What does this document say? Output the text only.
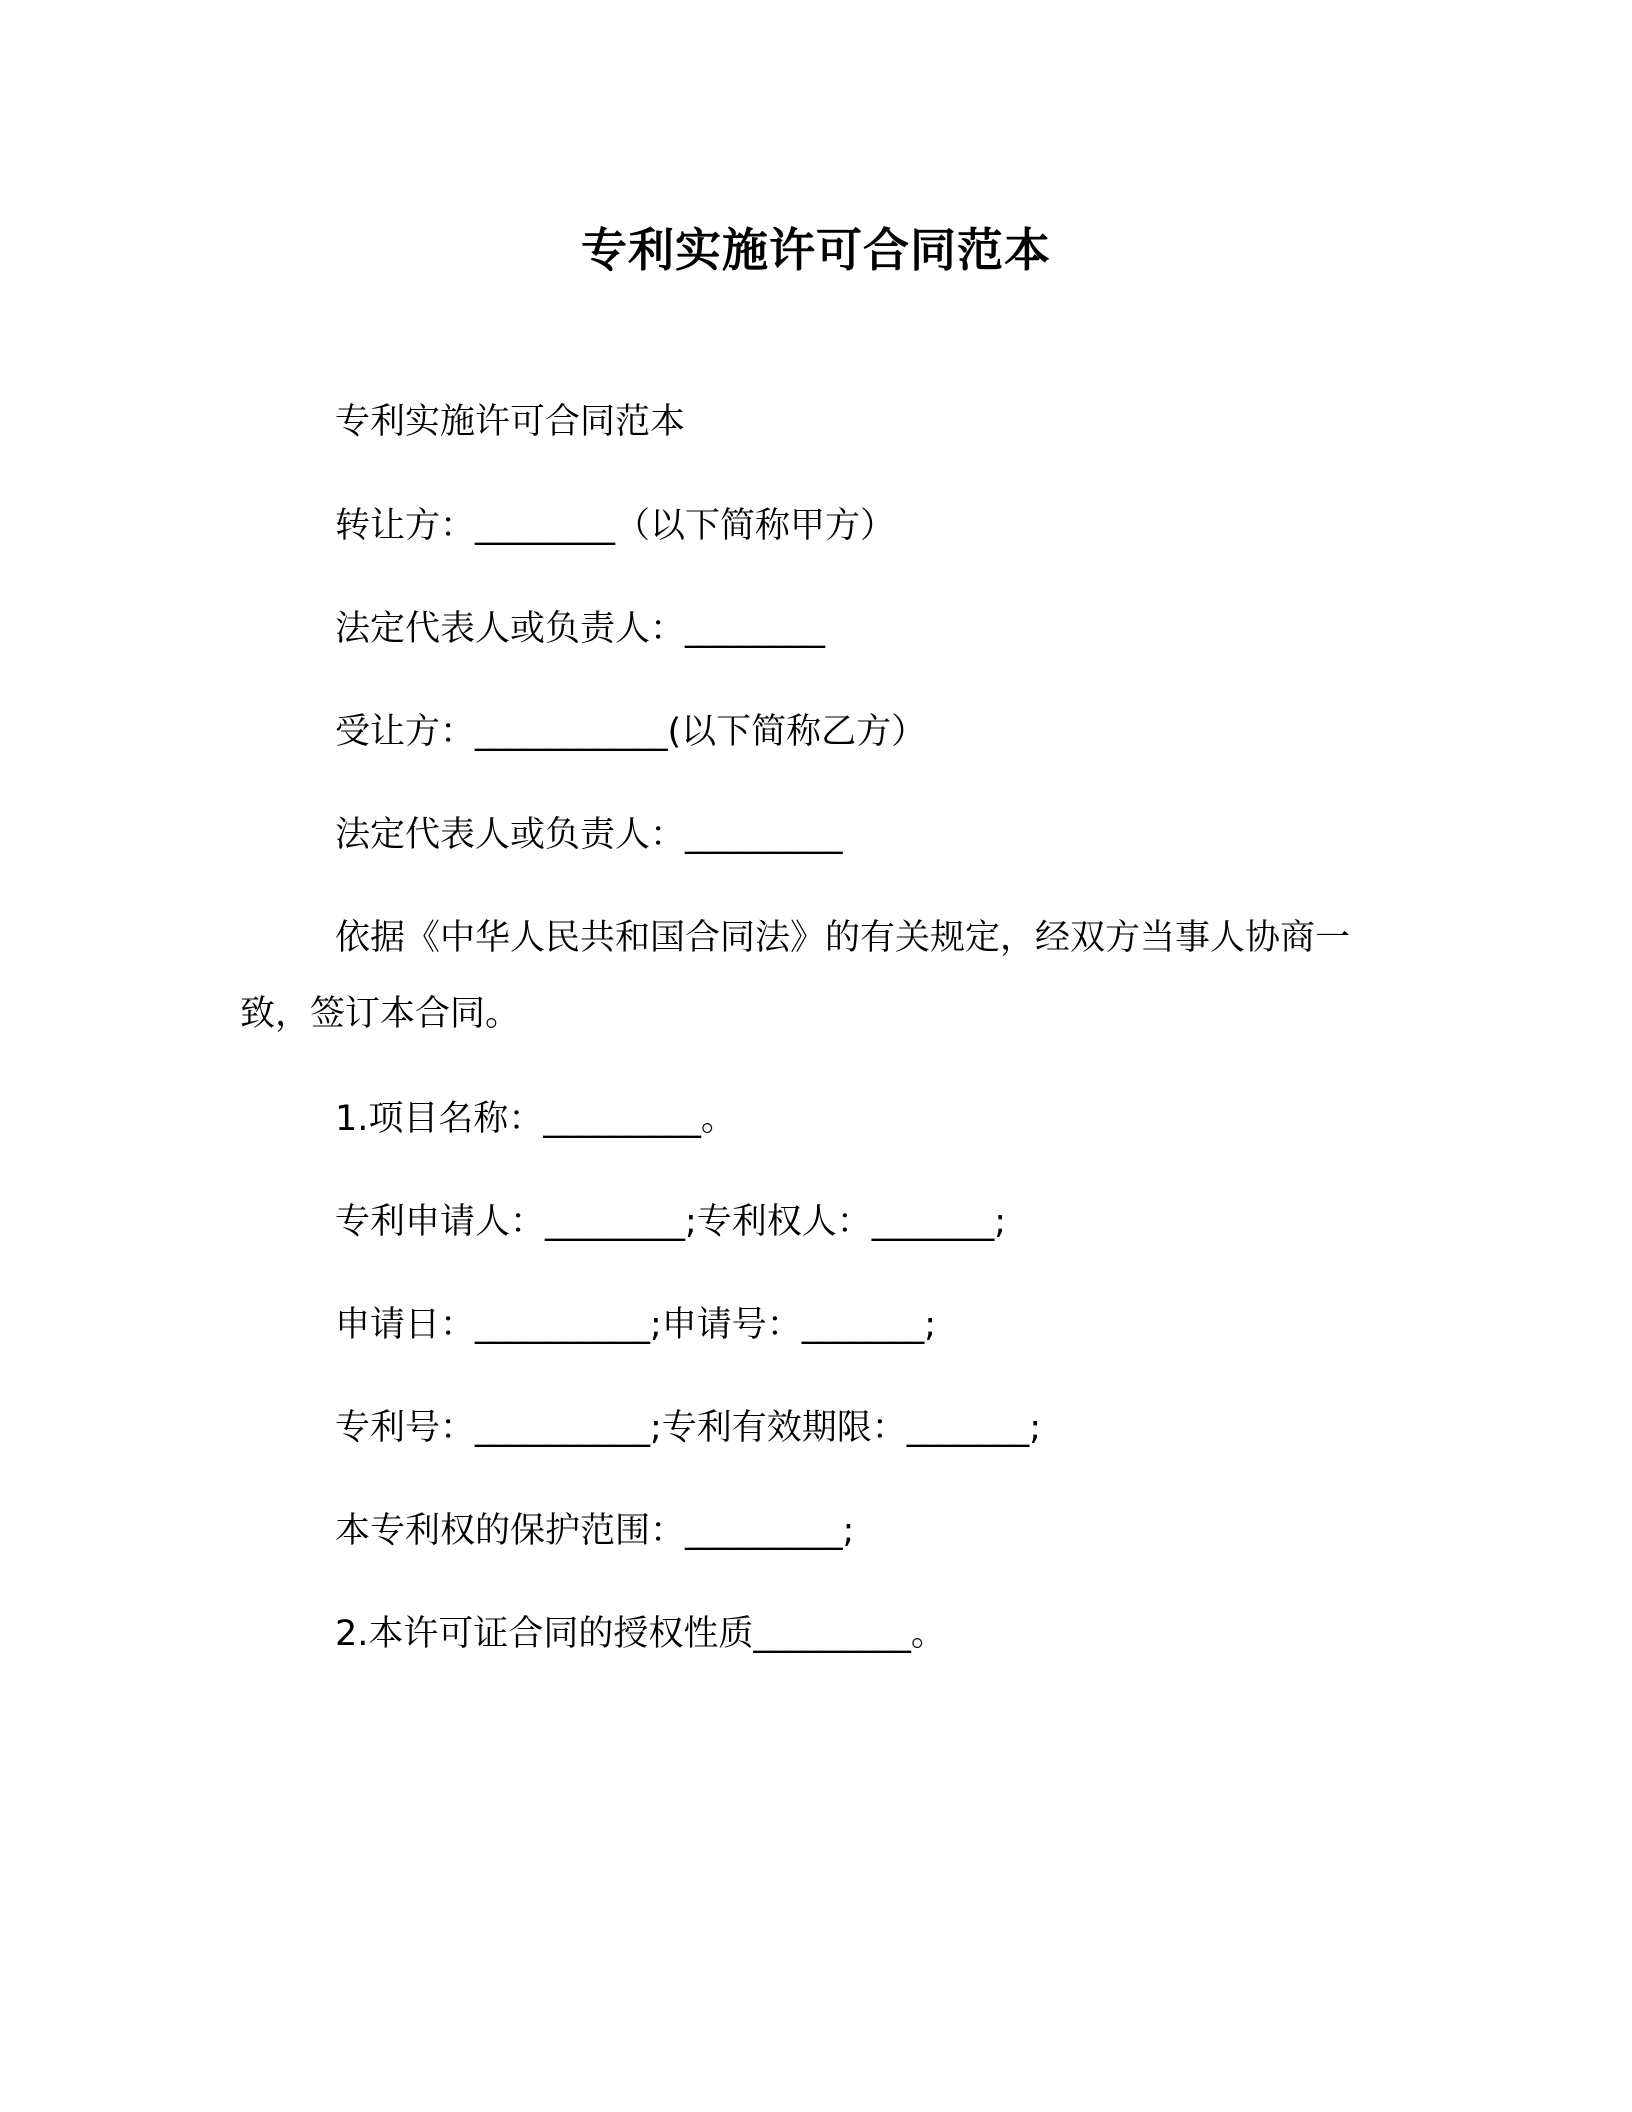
专利实施许可合同范本
专利实施许可合同范本
转让方：________（以下简称甲方）
法定代表人或负责人：________
受让方：___________(以下简称乙方）
法定代表人或负责人：_________
依据《中华人民共和国合同法》的有关规定，经双方当事人协商一致，签订本合同。
1.项目名称：_________。
专利申请人：________;专利权人：_______;
申请日：__________;申请号：_______;
专利号：__________;专利有效期限：_______;
本专利权的保护范围：_________;
2.本许可证合同的授权性质_________。
